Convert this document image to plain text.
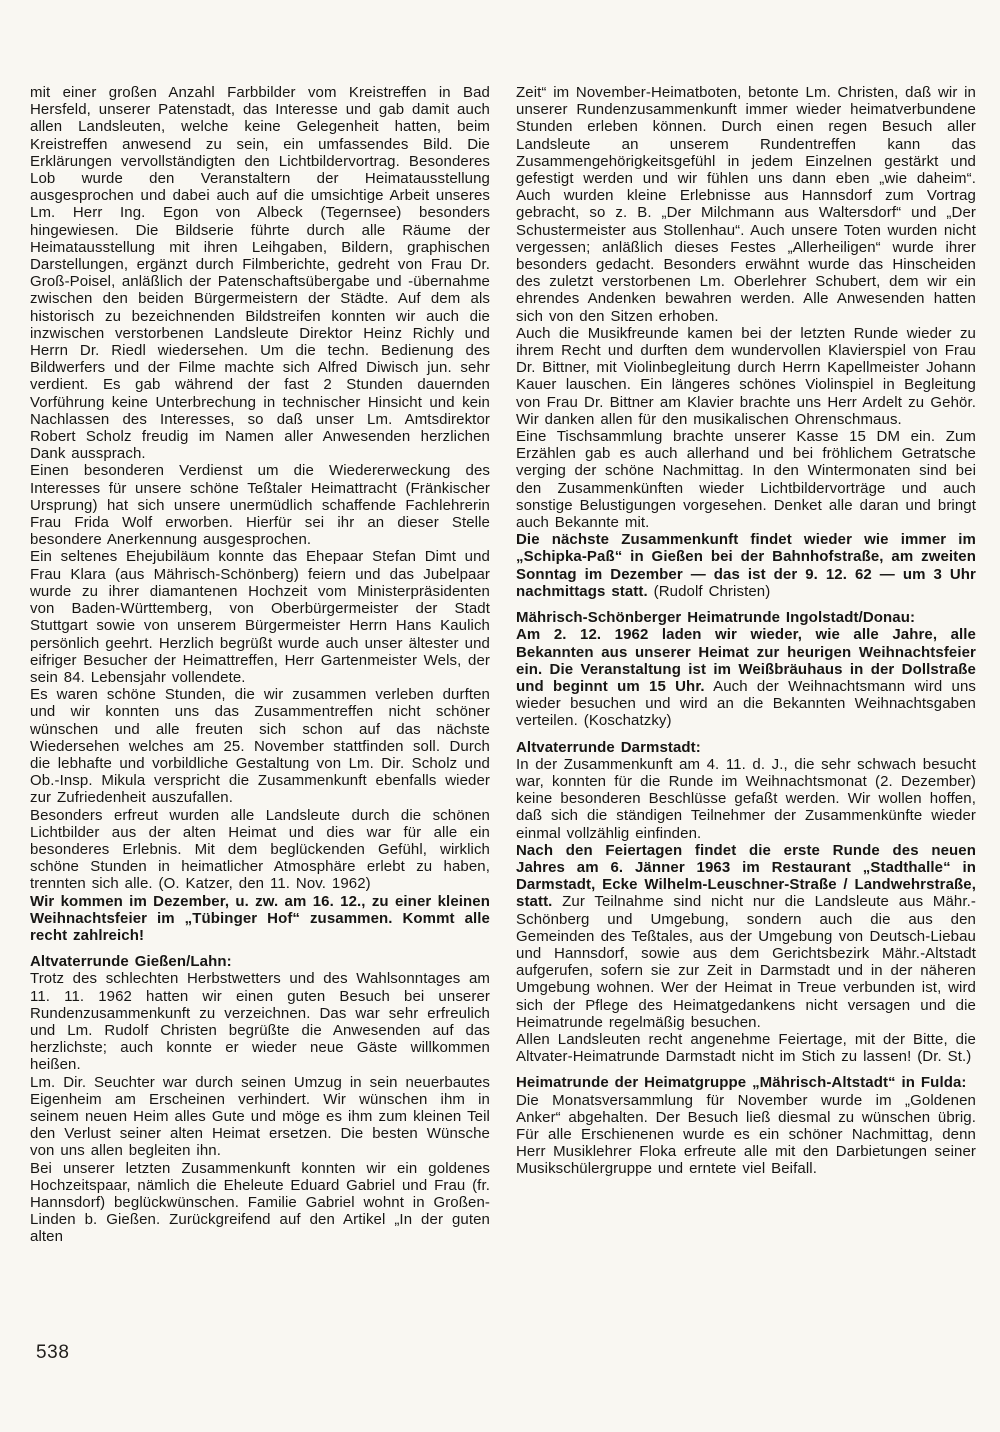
mit einer großen Anzahl Farbbilder vom Kreistreffen in Bad Hersfeld, unserer Patenstadt, das Interesse und gab damit auch allen Landsleuten, welche keine Gelegenheit hatten, beim Kreistreffen anwesend zu sein, ein umfassendes Bild. Die Erklärungen vervollständigten den Lichtbildervortrag. Besonderes Lob wurde den Veranstaltern der Heimatausstellung ausgesprochen und dabei auch auf die umsichtige Arbeit unseres Lm. Herr Ing. Egon von Albeck (Tegernsee) besonders hingewiesen. Die Bildserie führte durch alle Räume der Heimatausstellung mit ihren Leihgaben, Bildern, graphischen Darstellungen, ergänzt durch Filmberichte, gedreht von Frau Dr. Groß-Poisel, anläßlich der Patenschaftsübergabe und -übernahme zwischen den beiden Bürgermeistern der Städte. Auf dem als historisch zu bezeichnenden Bildstreifen konnten wir auch die inzwischen verstorbenen Landsleute Direktor Heinz Richly und Herrn Dr. Riedl wiedersehen. Um die techn. Bedienung des Bildwerfers und der Filme machte sich Alfred Diwisch jun. sehr verdient. Es gab während der fast 2 Stunden dauernden Vorführung keine Unterbrechung in technischer Hinsicht und kein Nachlassen des Interesses, so daß unser Lm. Amtsdirektor Robert Scholz freudig im Namen aller Anwesenden herzlichen Dank aussprach.

Einen besonderen Verdienst um die Wiedererweckung des Interesses für unsere schöne Teßtaler Heimattracht (Fränkischer Ursprung) hat sich unsere unermüdlich schaffende Fachlehrerin Frau Frida Wolf erworben. Hierfür sei ihr an dieser Stelle besondere Anerkennung ausgesprochen.

Ein seltenes Ehejubiläum konnte das Ehepaar Stefan Dimt und Frau Klara (aus Mährisch-Schönberg) feiern und das Jubelpaar wurde zu ihrer diamantenen Hochzeit vom Ministerpräsidenten von Baden-Württemberg, von Oberbürgermeister der Stadt Stuttgart sowie von unserem Bürgermeister Herrn Hans Kaulich persönlich geehrt. Herzlich begrüßt wurde auch unser ältester und eifriger Besucher der Heimattreffen, Herr Gartenmeister Wels, der sein 84. Lebensjahr vollendete.

Es waren schöne Stunden, die wir zusammen verleben durften und wir konnten uns das Zusammentreffen nicht schöner wünschen und alle freuten sich schon auf das nächste Wiedersehen welches am 25. November stattfinden soll. Durch die lebhafte und vorbildliche Gestaltung von Lm. Dir. Scholz und Ob.-Insp. Mikula verspricht die Zusammenkunft ebenfalls wieder zur Zufriedenheit auszufallen.

Besonders erfreut wurden alle Landsleute durch die schönen Lichtbilder aus der alten Heimat und dies war für alle ein besonderes Erlebnis. Mit dem beglückenden Gefühl, wirklich schöne Stunden in heimatlicher Atmosphäre erlebt zu haben, trennten sich alle. (O. Katzer, den 11. Nov. 1962)

Wir kommen im Dezember, u. zw. am 16. 12., zu einer kleinen Weihnachtsfeier im „Tübinger Hof“ zusammen. Kommt alle recht zahlreich!

Altvaterrunde Gießen/Lahn:

Trotz des schlechten Herbstwetters und des Wahlsonntages am 11. 11. 1962 hatten wir einen guten Besuch bei unserer Rundenzusammenkunft zu verzeichnen. Das war sehr erfreulich und Lm. Rudolf Christen begrüßte die Anwesenden auf das herzlichste; auch konnte er wieder neue Gäste willkommen heißen.

Lm. Dir. Seuchter war durch seinen Umzug in sein neuerbautes Eigenheim am Erscheinen verhindert. Wir wünschen ihm in seinem neuen Heim alles Gute und möge es ihm zum kleinen Teil den Verlust seiner alten Heimat ersetzen. Die besten Wünsche von uns allen begleiten ihn.

Bei unserer letzten Zusammenkunft konnten wir ein goldenes Hochzeitspaar, nämlich die Eheleute Eduard Gabriel und Frau (fr. Hannsdorf) beglückwünschen. Familie Gabriel wohnt in Großen-Linden b. Gießen. Zurückgreifend auf den Artikel „In der guten alten

Zeit“ im November-Heimatboten, betonte Lm. Christen, daß wir in unserer Rundenzusammenkunft immer wieder heimatverbundene Stunden erleben können. Durch einen regen Besuch aller Landsleute an unserem Rundentreffen kann das Zusammengehörigkeitsgefühl in jedem Einzelnen gestärkt und gefestigt werden und wir fühlen uns dann eben „wie daheim“. Auch wurden kleine Erlebnisse aus Hannsdorf zum Vortrag gebracht, so z. B. „Der Milchmann aus Waltersdorf“ und „Der Schustermeister aus Stollenhau“. Auch unsere Toten wurden nicht vergessen; anläßlich dieses Festes „Allerheiligen“ wurde ihrer besonders gedacht. Besonders erwähnt wurde das Hinscheiden des zuletzt verstorbenen Lm. Oberlehrer Schubert, dem wir ein ehrendes Andenken bewahren werden. Alle Anwesenden hatten sich von den Sitzen erhoben.

Auch die Musikfreunde kamen bei der letzten Runde wieder zu ihrem Recht und durften dem wundervollen Klavierspiel von Frau Dr. Bittner, mit Violinbegleitung durch Herrn Kapellmeister Johann Kauer lauschen. Ein längeres schönes Violinspiel in Begleitung von Frau Dr. Bittner am Klavier brachte uns Herr Ardelt zu Gehör. Wir danken allen für den musikalischen Ohrenschmaus.

Eine Tischsammlung brachte unserer Kasse 15 DM ein. Zum Erzählen gab es auch allerhand und bei fröhlichem Getratsche verging der schöne Nachmittag. In den Wintermonaten sind bei den Zusammenkünften wieder Lichtbildervorträge und auch sonstige Belustigungen vorgesehen. Denket alle daran und bringt auch Bekannte mit.

Die nächste Zusammenkunft findet wieder wie immer im „Schipka-Paß“ in Gießen bei der Bahnhofstraße, am zweiten Sonntag im Dezember — das ist der 9. 12. 62 — um 3 Uhr nachmittags statt. (Rudolf Christen)

Mährisch-Schönberger Heimatrunde Ingolstadt/Donau:

Am 2. 12. 1962 laden wir wieder, wie alle Jahre, alle Bekannten aus unserer Heimat zur heurigen Weihnachtsfeier ein. Die Veranstaltung ist im Weißbräuhaus in der Dollstraße und beginnt um 15 Uhr. Auch der Weihnachtsmann wird uns wieder besuchen und wird an die Bekannten Weihnachtsgaben verteilen. (Koschatzky)

Altvaterrunde Darmstadt:

In der Zusammenkunft am 4. 11. d. J., die sehr schwach besucht war, konnten für die Runde im Weihnachtsmonat (2. Dezember) keine besonderen Beschlüsse gefaßt werden. Wir wollen hoffen, daß sich die ständigen Teilnehmer der Zusammenkünfte wieder einmal vollzählig einfinden.

Nach den Feiertagen findet die erste Runde des neuen Jahres am 6. Jänner 1963 im Restaurant „Stadthalle“ in Darmstadt, Ecke Wilhelm-Leuschner-Straße / Landwehrstraße, statt. Zur Teilnahme sind nicht nur die Landsleute aus Mähr.-Schönberg und Umgebung, sondern auch die aus den Gemeinden des Teßtales, aus der Umgebung von Deutsch-Liebau und Hannsdorf, sowie aus dem Gerichtsbezirk Mähr.-Altstadt aufgerufen, sofern sie zur Zeit in Darmstadt und in der näheren Umgebung wohnen. Wer der Heimat in Treue verbunden ist, wird sich der Pflege des Heimatgedankens nicht versagen und die Heimatrunde regelmäßig besuchen.

Allen Landsleuten recht angenehme Feiertage, mit der Bitte, die Altvater-Heimatrunde Darmstadt nicht im Stich zu lassen! (Dr. St.)

Heimatrunde der Heimatgruppe „Mährisch-Altstadt“ in Fulda:

Die Monatsversammlung für November wurde im „Goldenen Anker“ abgehalten. Der Besuch ließ diesmal zu wünschen übrig. Für alle Erschienenen wurde es ein schöner Nachmittag, denn Herr Musiklehrer Floka erfreute alle mit den Darbietungen seiner Musikschülergruppe und erntete viel Beifall.

538
